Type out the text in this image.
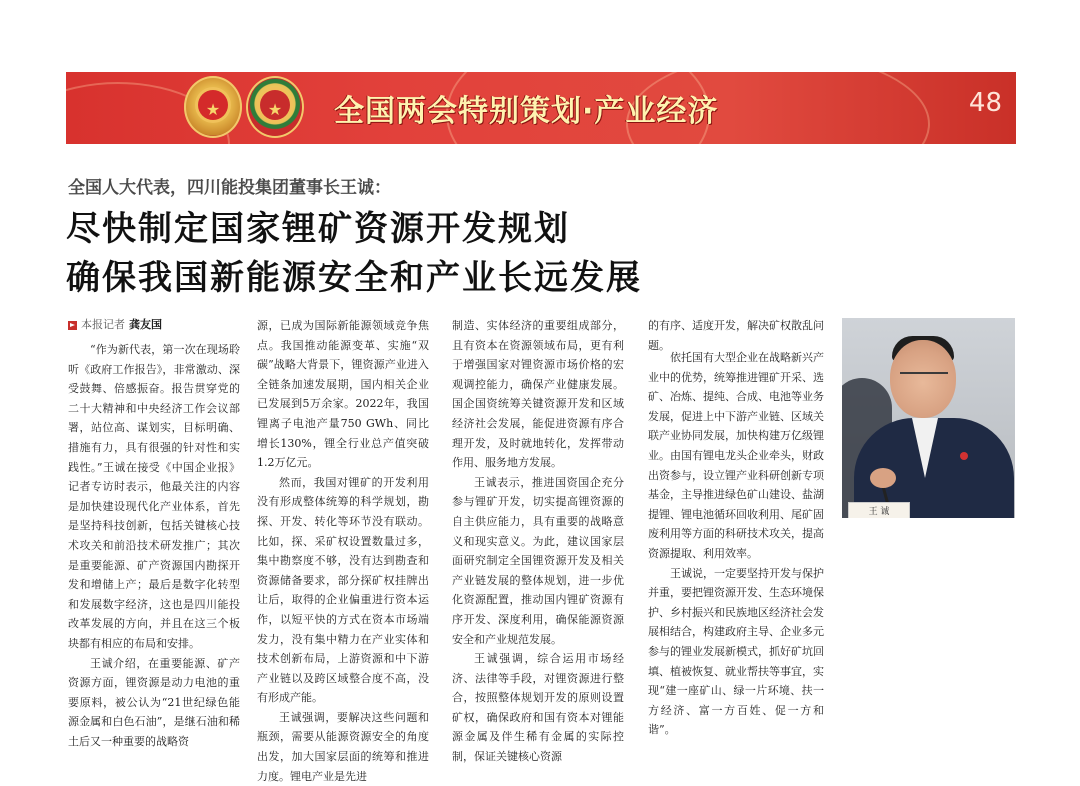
★	★ 全国两会特别策划·产业经济	48
全国人大代表，四川能投集团董事长王诚：
尽快制定国家锂矿资源开发规划
确保我国新能源安全和产业长远发展
本报记者 龚友国

“作为新代表，第一次在现场聆听《政府工作报告》，非常激动、深受鼓舞、倍感振奋。报告贯穿党的二十大精神和中央经济工作会议部署，站位高、谋划实，目标明确、措施有力，具有很强的针对性和实践性。”王诚在接受《中国企业报》记者专访时表示，他最关注的内容是加快建设现代化产业体系，首先是坚持科技创新，包括关键核心技术攻关和前沿技术研发推广；其次是重要能源、矿产资源国内勘探开发和增储上产；最后是数字化转型和发展数字经济，这也是四川能投改革发展的方向，并且在这三个板块都有相应的布局和安排。

王诚介绍，在重要能源、矿产资源方面，锂资源是动力电池的重要原料，被公认为“21世纪绿色能源金属和白色石油”，是继石油和稀土后又一种重要的战略资

源，已成为国际新能源领域竞争焦点。我国推动能源变革、实施“双碳”战略大背景下，锂资源产业进入全链条加速发展期，国内相关企业已发展到5万余家。2022年，我国锂离子电池产量750 GWh、同比增长130%，锂全行业总产值突破1.2万亿元。

然而，我国对锂矿的开发利用没有形成整体统筹的科学规划，勘探、开发、转化等环节没有联动。比如，探、采矿权设置数量过多，集中勘察度不够，没有达到勘查和资源储备要求，部分探矿权挂牌出让后，取得的企业偏重进行资本运作，以短平快的方式在资本市场端发力，没有集中精力在产业实体和技术创新布局，上游资源和中下游产业链以及跨区域整合度不高，没有形成产能。

王诚强调，要解决这些问题和瓶颈，需要从能源资源安全的角度出发，加大国家层面的统筹和推进力度。锂电产业是先进

制造、实体经济的重要组成部分，且有资本在资源领域布局，更有利于增强国家对锂资源市场价格的宏观调控能力，确保产业健康发展。国企国资统筹关键资源开发和区域经济社会发展，能促进资源有序合理开发，及时就地转化，发挥带动作用、服务地方发展。

王诚表示，推进国资国企充分参与锂矿开发，切实提高锂资源的自主供应能力，具有重要的战略意义和现实意义。为此，建议国家层面研究制定全国锂资源开发及相关产业链发展的整体规划，进一步优化资源配置，推动国内锂矿资源有序开发、深度利用，确保能源资源安全和产业规范发展。

王诚强调，综合运用市场经济、法律等手段，对锂资源进行整合，按照整体规划开发的原则设置矿权，确保政府和国有资本对锂能源金属及伴生稀有金属的实际控制，保证关键核心资源

的有序、适度开发，解决矿权散乱问题。

依托国有大型企业在战略新兴产业中的优势，统筹推进锂矿开采、选矿、冶炼、提纯、合成、电池等业务发展，促进上中下游产业链、区域关联产业协同发展，加快构建万亿级锂业。由国有锂电龙头企业牵头，财政出资参与，设立锂产业科研创新专项基金，主导推进绿色矿山建设、盐湖提锂、锂电池循环回收利用、尾矿固废利用等方面的科研技术攻关，提高资源提取、利用效率。

王诚说，一定要坚持开发与保护并重，要把锂资源开发、生态环境保护、乡村振兴和民族地区经济社会发展相结合，构建政府主导、企业多元参与的锂业发展新模式，抓好矿坑回填、植被恢复、就业帮扶等事宜，实现“建一座矿山、绿一片环境、扶一方经济、富一方百姓、促一方和谐”。

王 诚
